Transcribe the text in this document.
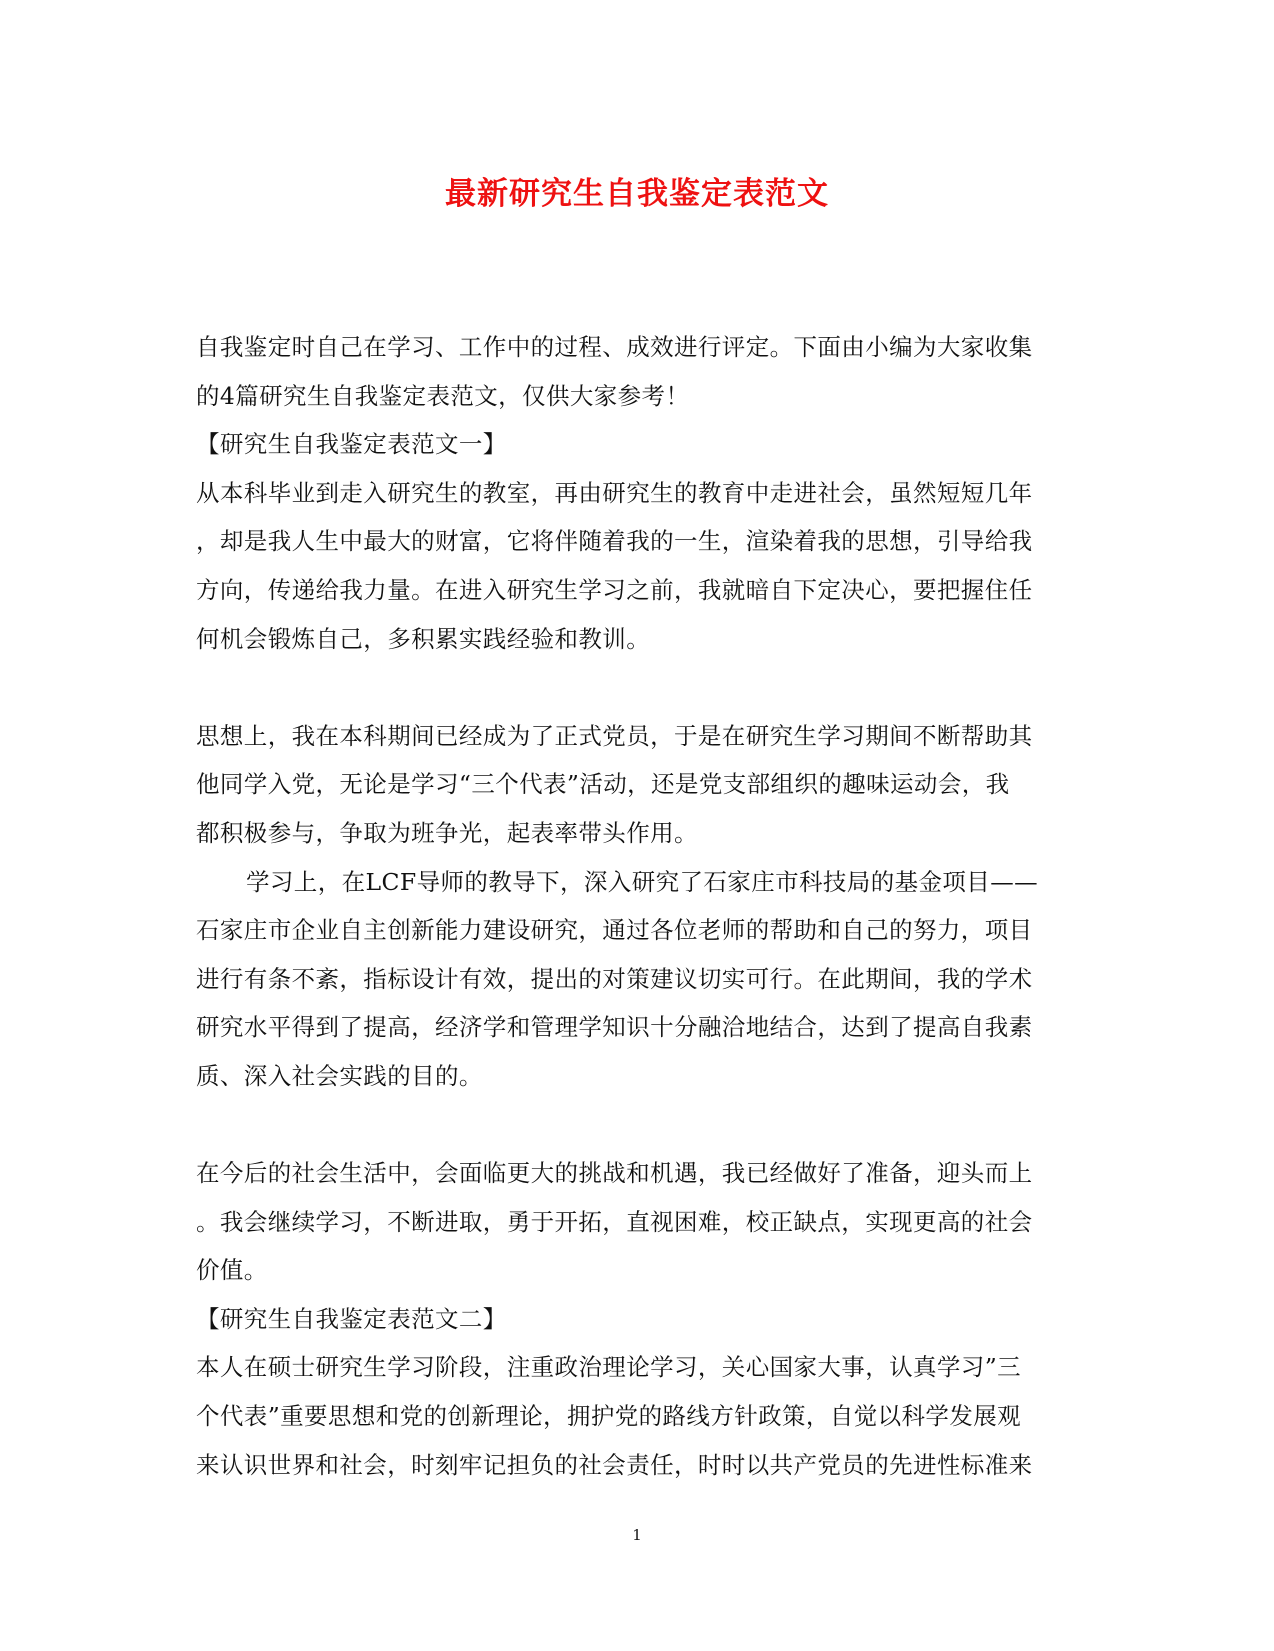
最新研究生自我鉴定表范文
自我鉴定时自己在学习、工作中的过程、成效进行评定。下面由小编为大家收集
的4篇研究生自我鉴定表范文，仅供大家参考！
【研究生自我鉴定表范文一】
从本科毕业到走入研究生的教室，再由研究生的教育中走进社会，虽然短短几年
，却是我人生中最大的财富，它将伴随着我的一生，渲染着我的思想，引导给我
方向，传递给我力量。在进入研究生学习之前，我就暗自下定决心，要把握住任
何机会锻炼自己，多积累实践经验和教训。
思想上，我在本科期间已经成为了正式党员，于是在研究生学习期间不断帮助其
他同学入党，无论是学习“三个代表”活动，还是党支部组织的趣味运动会，我
都积极参与，争取为班争光，起表率带头作用。
学习上，在LCF导师的教导下，深入研究了石家庄市科技局的基金项目——
石家庄市企业自主创新能力建设研究，通过各位老师的帮助和自己的努力，项目
进行有条不紊，指标设计有效，提出的对策建议切实可行。在此期间，我的学术
研究水平得到了提高，经济学和管理学知识十分融洽地结合，达到了提高自我素
质、深入社会实践的目的。
在今后的社会生活中，会面临更大的挑战和机遇，我已经做好了准备，迎头而上
。我会继续学习，不断进取，勇于开拓，直视困难，校正缺点，实现更高的社会
价值。
【研究生自我鉴定表范文二】
本人在硕士研究生学习阶段，注重政治理论学习，关心国家大事，认真学习”三
个代表”重要思想和党的创新理论，拥护党的路线方针政策，自觉以科学发展观
来认识世界和社会，时刻牢记担负的社会责任，时时以共产党员的先进性标准来
1
